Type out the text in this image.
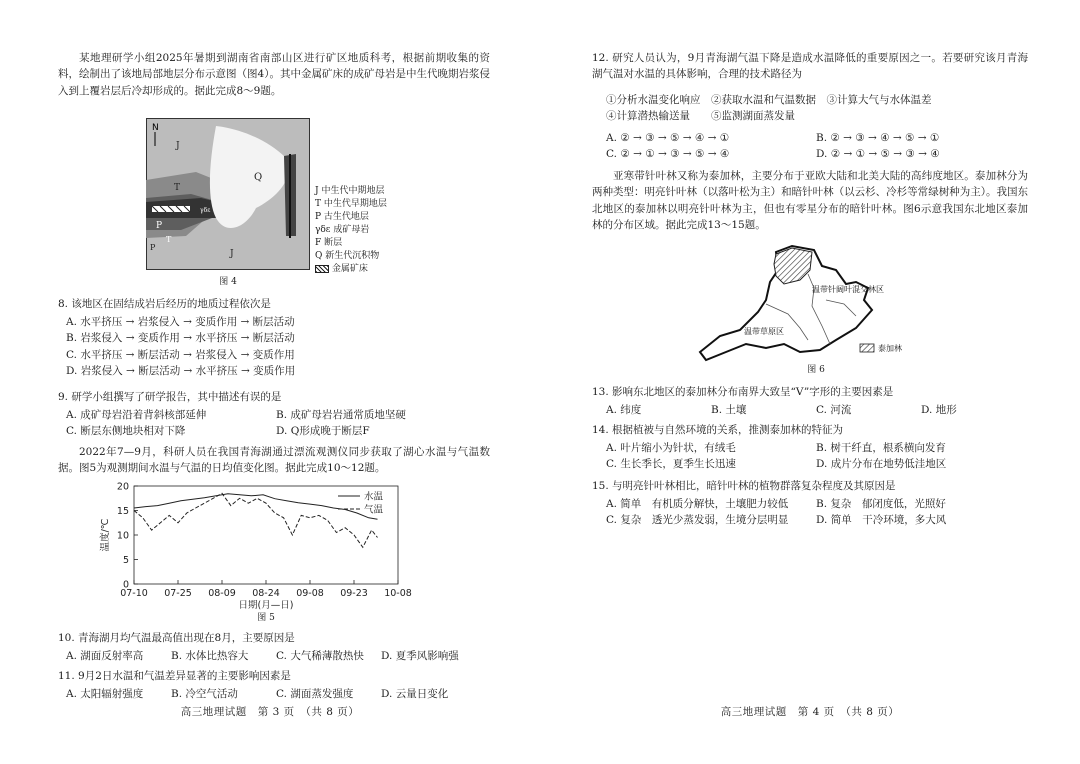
某地理研学小组2025年暑期到湖南省南部山区进行矿区地质科考，根据前期收集的资料，绘制出了该地局部地层分布示意图（图4）。其中金属矿床的成矿母岩是中生代晚期岩浆侵入到上覆岩层后冷却形成的。据此完成8～9题。
N
J
Q
T
P
J
γδε
T
P
图 4
J 中生代中期地层
T 中生代早期地层
P 古生代地层
γδε 成矿母岩
F 断层
Q 新生代沉积物
金属矿床
8. 该地区在固结成岩后经历的地质过程依次是
A. 水平挤压 → 岩浆侵入 → 变质作用 → 断层活动
B. 岩浆侵入 → 变质作用 → 水平挤压 → 断层活动
C. 水平挤压 → 断层活动 → 岩浆侵入 → 变质作用
D. 岩浆侵入 → 断层活动 → 水平挤压 → 变质作用
9. 研学小组撰写了研学报告，其中描述有误的是
A. 成矿母岩沿着背斜核部延伸	B. 成矿母岩岩通常质地坚硬
C. 断层东侧地块相对下降	D. Q形成晚于断层F
2022年7—9月，科研人员在我国青海湖通过漂流观测仪同步获取了湖心水温与气温数据。图5为观测期间水温与气温的日均值变化图。据此完成10～12题。
0
5
10
15
20
07-10 07-25 08-09 08-24 09-08 09-23 10-08
日期(月—日)
温度/℃
水温
气温
图 5
10. 青海湖月均气温最高值出现在8月，主要原因是
A. 湖面反射率高	B. 水体比热容大	C. 大气稀薄散热快	D. 夏季风影响强
11. 9月2日水温和气温差异显著的主要影响因素是
A. 太阳辐射强度	B. 冷空气活动	C. 湖面蒸发强度	D. 云量日变化
高三地理试题　第 3 页　（共 8 页）
12. 研究人员认为，9月青海湖气温下降是造成水温降低的重要原因之一。若要研究该月青海湖气温对水温的具体影响，合理的技术路径为
①分析水温变化响应　②获取水温和气温数据　③计算大气与水体温差
④计算潜热输送量　　⑤监测湖面蒸发量
A. ② → ③ → ⑤ → ④ → ①	B. ② → ③ → ④ → ⑤ → ①
C. ② → ① → ③ → ⑤ → ④	D. ② → ① → ⑤ → ③ → ④
亚寒带针叶林又称为泰加林，主要分布于亚欧大陆和北美大陆的高纬度地区。泰加林分为两种类型：明亮针叶林（以落叶松为主）和暗针叶林（以云杉、冷杉等常绿树种为主）。我国东北地区的泰加林以明亮针叶林为主，但也有零星分布的暗针叶林。图6示意我国东北地区泰加林的分布区域。据此完成13～15题。
温带针阔叶混交林区
温带草原区
泰加林
图 6
13. 影响东北地区的泰加林分布南界大致呈“V”字形的主要因素是
A. 纬度	B. 土壤	C. 河流	D. 地形
14. 根据植被与自然环境的关系，推测泰加林的特征为
A. 叶片缩小为针状，有绒毛	B. 树干纤直，根系横向发育
C. 生长季长，夏季生长迅速	D. 成片分布在地势低洼地区
15. 与明亮针叶林相比，暗针叶林的植物群落复杂程度及其原因是
A. 简单　有机质分解快，土壤肥力较低	B. 复杂　郁闭度低，光照好
C. 复杂　透光少蒸发弱，生境分层明显	D. 简单　干冷环境，多大风
高三地理试题　第 4 页　（共 8 页）
